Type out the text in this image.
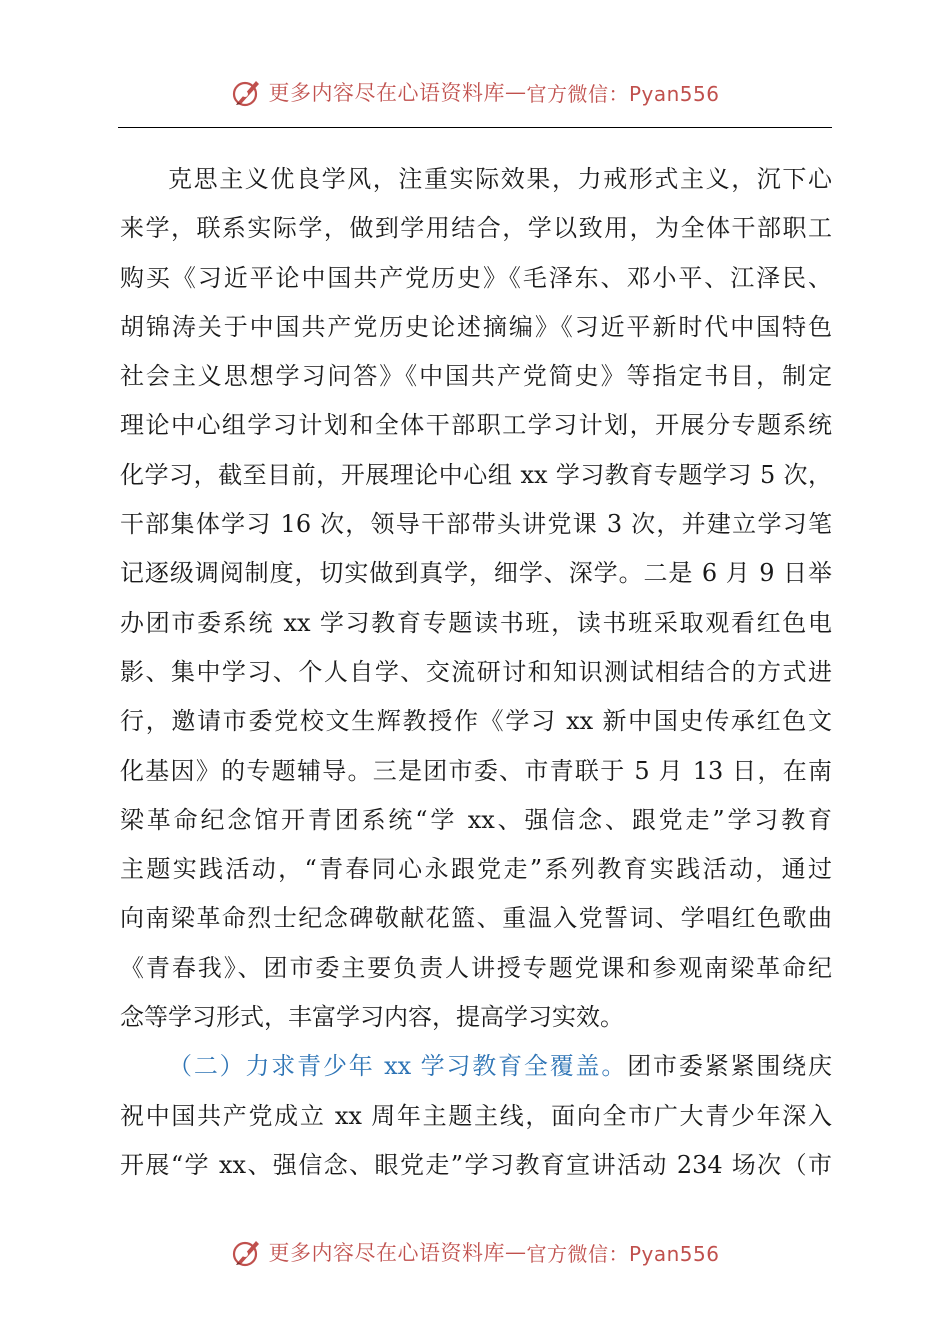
更多内容尽在心语资料库 — 官方微信：Pyan556
克思主义优良学风，注重实际效果，力戒形式主义，沉下心
来学，联系实际学，做到学用结合，学以致用，为全体干部职工
购买《习近平论中国共产党历史》《毛泽东、邓小平、江泽民、
胡锦涛关于中国共产党历史论述摘编》《习近平新时代中国特色
社会主义思想学习问答》《中国共产党简史》等指定书目，制定
理论中心组学习计划和全体干部职工学习计划，开展分专题系统
化学习，截至目前，开展理论中心组 xx 学习教育专题学习 5 次，
干部集体学习 16 次，领导干部带头讲党课 3 次，并建立学习笔
记逐级调阅制度，切实做到真学，细学、深学。二是 6 月 9 日举
办团市委系统 xx 学习教育专题读书班，读书班采取观看红色电
影、集中学习、个人自学、交流研讨和知识测试相结合的方式进
行，邀请市委党校文生辉教授作《学习 xx 新中国史传承红色文
化基因》的专题辅导。三是团市委、市青联于 5 月 13 日，在南
梁革命纪念馆开青团系统“学 xx、强信念、跟党走”学习教育
主题实践活动，“青春同心永跟党走”系列教育实践活动，通过
向南梁革命烈士纪念碑敬献花篮、重温入党誓词、学唱红色歌曲
《青春我》、团市委主要负责人讲授专题党课和参观南梁革命纪
念等学习形式，丰富学习内容，提高学习实效。
（二）力求青少年 xx 学习教育全覆盖。团市委紧紧围绕庆
祝中国共产党成立 xx 周年主题主线，面向全市广大青少年深入
开展“学 xx、强信念、眼党走”学习教育宣讲活动 234 场次（市
更多内容尽在心语资料库 — 官方微信：Pyan556
